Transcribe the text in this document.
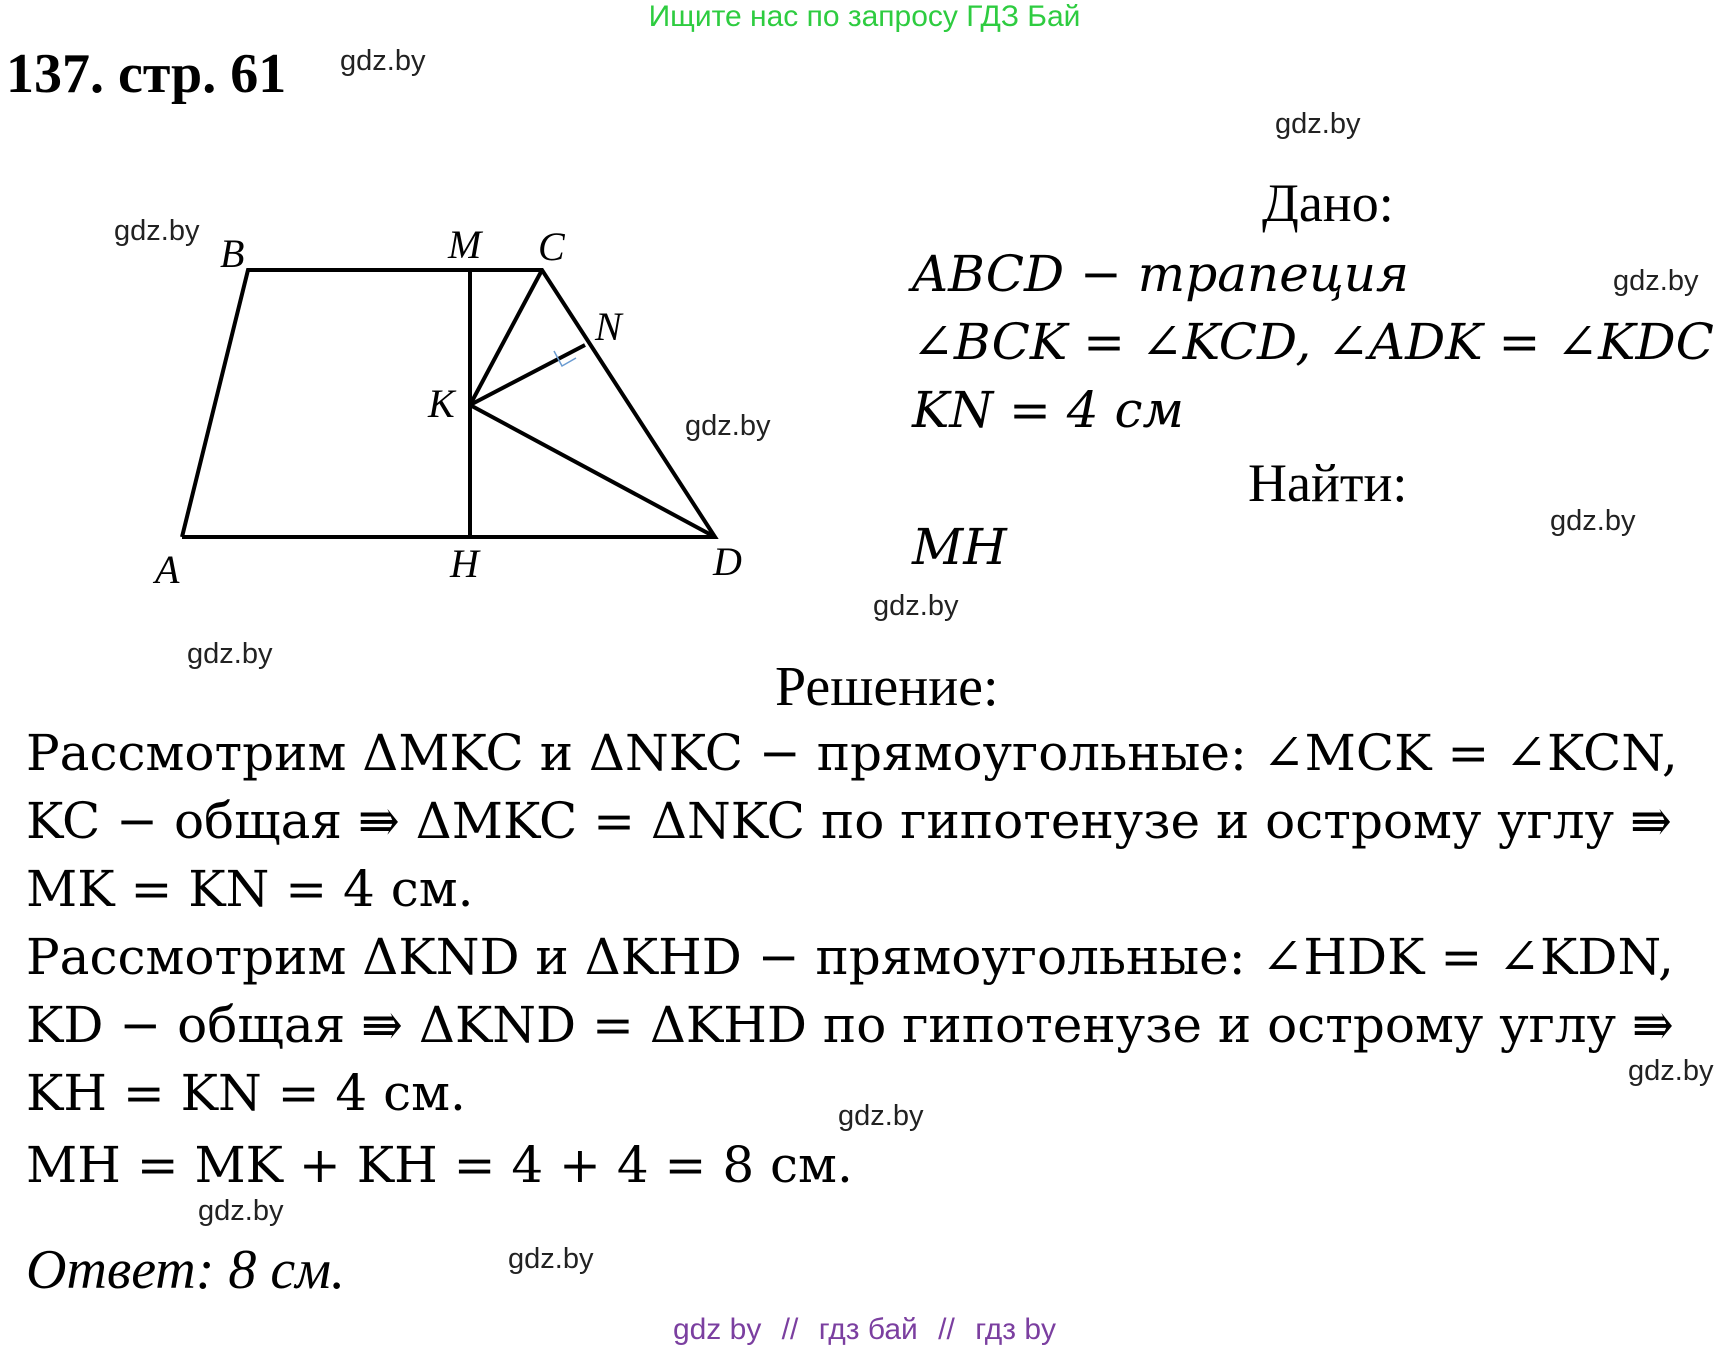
Ищите нас по запросу ГДЗ Бай
137. стр. 61 gdz.by
gdz.by
gdz.by
gdz.by
gdz.by
gdz.by
gdz.by
gdz.by
gdz.by
gdz.by
gdz.by
gdz.by
B	M C
N
K
A	H	D
Дано:
ABCD − трапеция
∠BCK = ∠KCD, ∠ADK = ∠KDC
KN = 4 см
Найти:
MH
Решение:
Рассмотрим ΔMKC и ΔNKC − прямоугольные: ∠MCK = ∠KCN,
KC − общая ⇛ ΔMKC = ΔNKC по гипотенузе и острому углу ⇛
MK = KN = 4 см.
Рассмотрим ΔKND и ΔKHD − прямоугольные: ∠HDK = ∠KDN,
KD − общая ⇛ ΔKND = ΔKHD по гипотенузе и острому углу ⇛
KH = KN = 4 см.
MH = MK + KH = 4 + 4 = 8 см.
Ответ: 8 см.
gdz by // гдз бай // гдз by
